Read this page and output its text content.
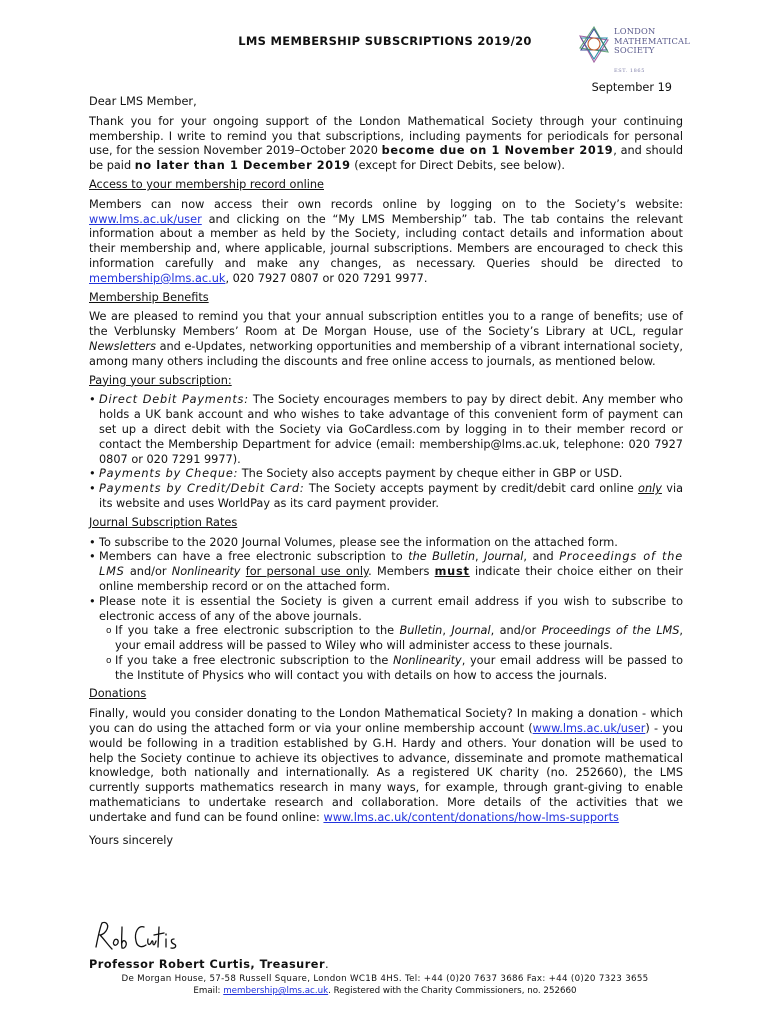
LMS MEMBERSHIP SUBSCRIPTIONS 2019/20
LONDON
MATHEMATICAL
SOCIETY
EST. 1865
September 19

Dear LMS Member,

Thank you for your ongoing support of the London Mathematical Society through your continuing membership. I write to remind you that subscriptions, including payments for periodicals for personal use, for the session November 2019–October 2020 become due on 1 November 2019, and should be paid no later than 1 December 2019 (except for Direct Debits, see below).

Access to your membership record online

Members can now access their own records online by logging on to the Society’s website: www.lms.ac.uk/user and clicking on the “My LMS Membership” tab. The tab contains the relevant information about a member as held by the Society, including contact details and information about their membership and, where applicable, journal subscriptions. Members are encouraged to check this information carefully and make any changes, as necessary. Queries should be directed to membership@lms.ac.uk, 020 7927 0807 or 020 7291 9977.

Membership Benefits

We are pleased to remind you that your annual subscription entitles you to a range of benefits; use of the Verblunsky Members’ Room at De Morgan House, use of the Society’s Library at UCL, regular Newsletters and e-Updates, networking opportunities and membership of a vibrant international society, among many others including the discounts and free online access to journals, as mentioned below.

Paying your subscription:
• Direct Debit Payments: The Society encourages members to pay by direct debit. Any member who holds a UK bank account and who wishes to take advantage of this convenient form of payment can set up a direct debit with the Society via GoCardless.com by logging in to their member record or contact the Membership Department for advice (email: membership@lms.ac.uk, telephone: 020 7927 0807 or 020 7291 9977).
• Payments by Cheque: The Society also accepts payment by cheque either in GBP or USD.
• Payments by Credit/Debit Card: The Society accepts payment by credit/debit card online only via its website and uses WorldPay as its card payment provider.
Journal Subscription Rates
• To subscribe to the 2020 Journal Volumes, please see the information on the attached form.
• Members can have a free electronic subscription to the Bulletin, Journal, and Proceedings of the LMS and/or Nonlinearity for personal use only. Members must indicate their choice either on their online membership record or on the attached form.
• Please note it is essential the Society is given a current email address if you wish to subscribe to electronic access of any of the above journals.
o If you take a free electronic subscription to the Bulletin, Journal, and/or Proceedings of the LMS, your email address will be passed to Wiley who will administer access to these journals.
o If you take a free electronic subscription to the Nonlinearity, your email address will be passed to the Institute of Physics who will contact you with details on how to access the journals.
Donations

Finally, would you consider donating to the London Mathematical Society? In making a donation - which you can do using the attached form or via your online membership account (www.lms.ac.uk/user) - you would be following in a tradition established by G.H. Hardy and others. Your donation will be used to help the Society continue to achieve its objectives to advance, disseminate and promote mathematical knowledge, both nationally and internationally. As a registered UK charity (no. 252660), the LMS currently supports mathematics research in many ways, for example, through grant-giving to enable mathematicians to undertake research and collaboration. More details of the activities that we undertake and fund can be found online: www.lms.ac.uk/content/donations/how-lms-supports

Yours sincerely

Professor Robert Curtis, Treasurer.
De Morgan House, 57-58 Russell Square, London WC1B 4HS. Tel: +44 (0)20 7637 3686 Fax: +44 (0)20 7323 3655
Email: membership@lms.ac.uk. Registered with the Charity Commissioners, no. 252660
